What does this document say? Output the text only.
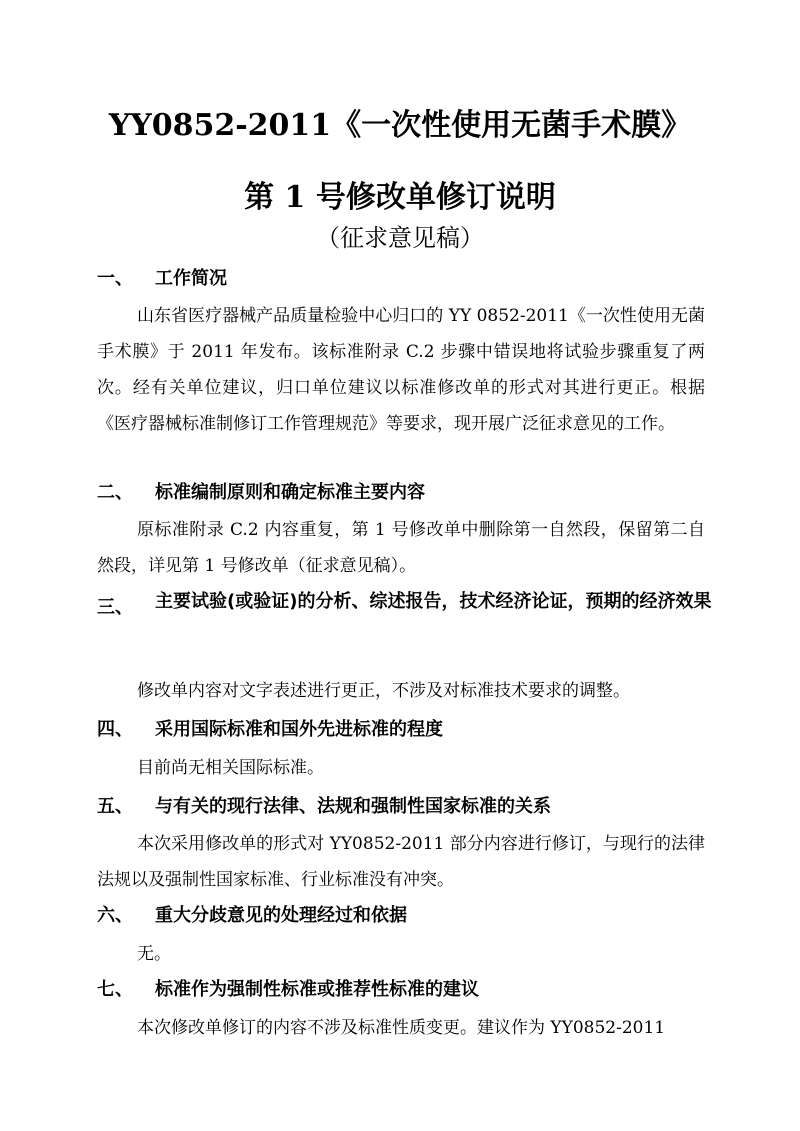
YY0852-2011《一次性使用无菌手术膜》
第 1 号修改单修订说明
（征求意见稿）
一、 工作简况
山东省医疗器械产品质量检验中心归口的 YY 0852-2011《一次性使用无菌手术膜》于 2011 年发布。该标准附录 C.2 步骤中错误地将试验步骤重复了两次。经有关单位建议，归口单位建议以标准修改单的形式对其进行更正。根据《医疗器械标准制修订工作管理规范》等要求，现开展广泛征求意见的工作。
二、 标准编制原则和确定标准主要内容
原标准附录 C.2 内容重复，第 1 号修改单中删除第一自然段，保留第二自然段，详见第 1 号修改单（征求意见稿）。
三、 主要试验(或验证)的分析、综述报告，技术经济论证，预期的经济效果
修改单内容对文字表述进行更正，不涉及对标准技术要求的调整。
四、 采用国际标准和国外先进标准的程度
目前尚无相关国际标准。
五、 与有关的现行法律、法规和强制性国家标准的关系
本次采用修改单的形式对 YY0852-2011 部分内容进行修订，与现行的法律法规以及强制性国家标准、行业标准没有冲突。
六、 重大分歧意见的处理经过和依据
无。
七、 标准作为强制性标准或推荐性标准的建议
本次修改单修订的内容不涉及标准性质变更。建议作为 YY0852-2011
